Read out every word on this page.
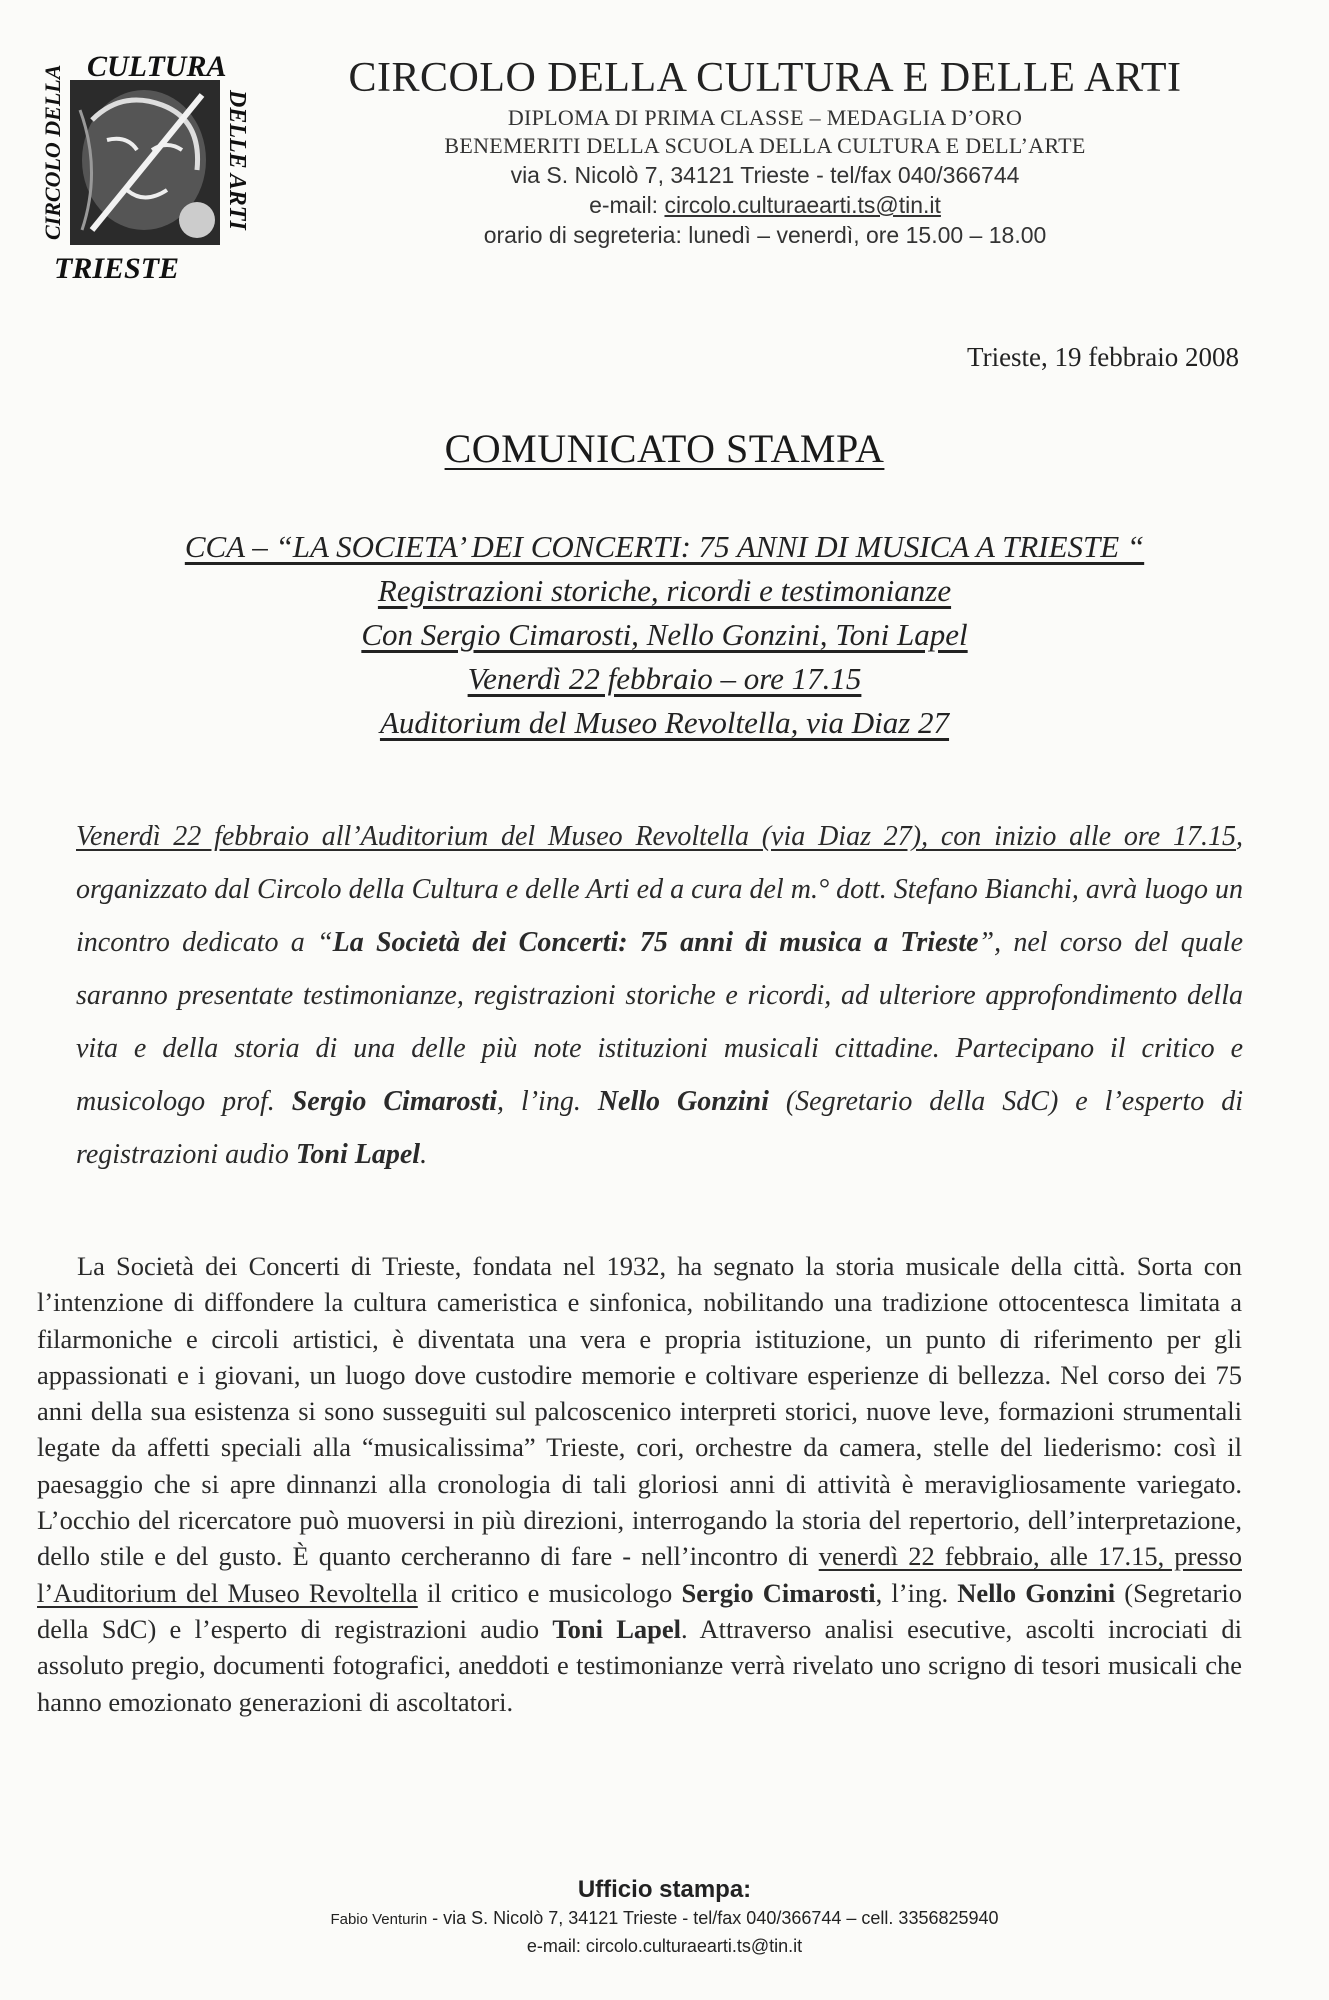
CULTURA
CIRCOLO DELLA	DELLE ARTI
TRIESTE
CIRCOLO DELLA CULTURA E DELLE ARTI
DIPLOMA DI PRIMA CLASSE – MEDAGLIA D’ORO
BENEMERITI DELLA SCUOLA DELLA CULTURA E DELL’ARTE
via S. Nicolò 7, 34121 Trieste - tel/fax 040/366744
e-mail: circolo.culturaearti.ts@tin.it
orario di segreteria: lunedì – venerdì, ore 15.00 – 18.00
Trieste, 19 febbraio 2008
COMUNICATO STAMPA
CCA – “LA SOCIETA’ DEI CONCERTI: 75 ANNI DI MUSICA A TRIESTE “
Registrazioni storiche, ricordi e testimonianze
Con Sergio Cimarosti, Nello Gonzini, Toni Lapel
Venerdì 22 febbraio – ore 17.15
Auditorium del Museo Revoltella, via Diaz 27

Venerdì 22 febbraio all’Auditorium del Museo Revoltella (via Diaz 27), con inizio alle ore 17.15, organizzato dal Circolo della Cultura e delle Arti ed a cura del m.° dott. Stefano Bianchi, avrà luogo un incontro dedicato a “La Società dei Concerti: 75 anni di musica a Trieste”, nel corso del quale saranno presentate testimonianze, registrazioni storiche e ricordi, ad ulteriore approfondimento della vita e della storia di una delle più note istituzioni musicali cittadine. Partecipano il critico e musicologo prof. Sergio Cimarosti, l’ing. Nello Gonzini (Segretario della SdC) e l’esperto di registrazioni audio Toni Lapel.

La Società dei Concerti di Trieste, fondata nel 1932, ha segnato la storia musicale della città. Sorta con l’intenzione di diffondere la cultura cameristica e sinfonica, nobilitando una tradizione ottocentesca limitata a filarmoniche e circoli artistici, è diventata una vera e propria istituzione, un punto di riferimento per gli appassionati e i giovani, un luogo dove custodire memorie e coltivare esperienze di bellezza. Nel corso dei 75 anni della sua esistenza si sono susseguiti sul palcoscenico interpreti storici, nuove leve, formazioni strumentali legate da affetti speciali alla “musicalissima” Trieste, cori, orchestre da camera, stelle del liederismo: così il paesaggio che si apre dinnanzi alla cronologia di tali gloriosi anni di attività è meravigliosamente variegato. L’occhio del ricercatore può muoversi in più direzioni, interrogando la storia del repertorio, dell’interpretazione, dello stile e del gusto. È quanto cercheranno di fare - nell’incontro di venerdì 22 febbraio, alle 17.15, presso l’Auditorium del Museo Revoltella il critico e musicologo Sergio Cimarosti, l’ing. Nello Gonzini (Segretario della SdC) e l’esperto di registrazioni audio Toni Lapel. Attraverso analisi esecutive, ascolti incrociati di assoluto pregio, documenti fotografici, aneddoti e testimonianze verrà rivelato uno scrigno di tesori musicali che hanno emozionato generazioni di ascoltatori.

Ufficio stampa:
Fabio Venturin - via S. Nicolò 7, 34121 Trieste - tel/fax 040/366744 – cell. 3356825940
e-mail: circolo.culturaearti.ts@tin.it
